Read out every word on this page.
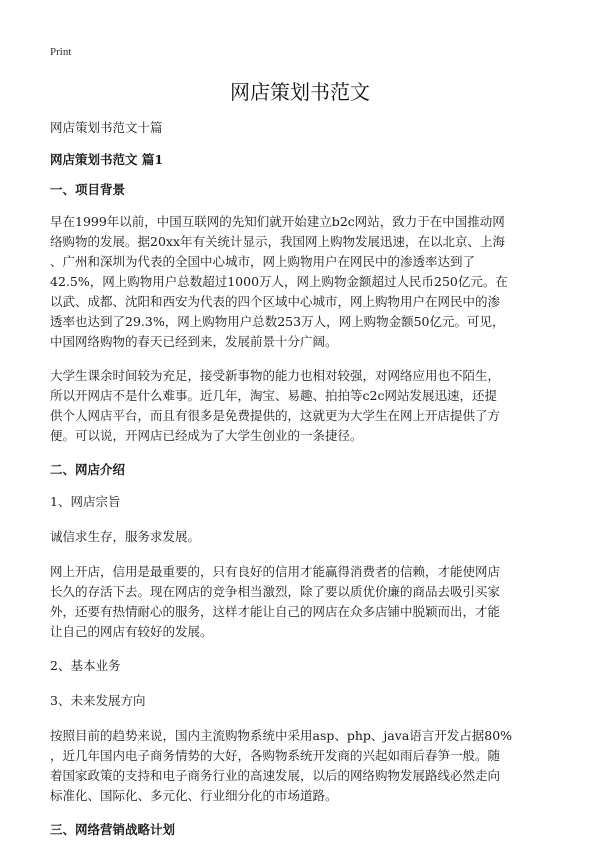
Print
网店策划书范文

网店策划书范文十篇

网店策划书范文 篇1

一、项目背景

早在1999年以前，中国互联网的先知们就开始建立b2c网站，致力于在中国推动网

络购物的发展。据20xx年有关统计显示，我国网上购物发展迅速，在以北京、上海

、广州和深圳为代表的全国中心城市，网上购物用户在网民中的渗透率达到了

42.5%，网上购物用户总数超过1000万人，网上购物金额超过人民币250亿元。在

以武、成都、沈阳和西安为代表的四个区域中心城市，网上购物用户在网民中的渗

透率也达到了29.3%，网上购物用户总数253万人，网上购物金额50亿元。可见，

中国网络购物的春天已经到来，发展前景十分广阔。

大学生课余时间较为充足，接受新事物的能力也相对较强，对网络应用也不陌生，

所以开网店不是什么难事。近几年，淘宝、易趣、拍拍等c2c网站发展迅速，还提

供个人网店平台，而且有很多是免费提供的，这就更为大学生在网上开店提供了方

便。可以说，开网店已经成为了大学生创业的一条捷径。

二、网店介绍

1、网店宗旨

诚信求生存，服务求发展。

网上开店，信用是最重要的，只有良好的信用才能赢得消费者的信赖，才能使网店

长久的存活下去。现在网店的竞争相当激烈，除了要以质优价廉的商品去吸引买家

外，还要有热情耐心的服务，这样才能让自己的网店在众多店铺中脱颖而出，才能

让自己的网店有较好的发展。

2、基本业务

3、未来发展方向

按照目前的趋势来说，国内主流购物系统中采用asp、php、java语言开发占据80%

，近几年国内电子商务情势的大好，各购物系统开发商的兴起如雨后春笋一般。随

着国家政策的支持和电子商务行业的高速发展，以后的网络购物发展路线必然走向

标准化、国际化、多元化、行业细分化的市场道路。

三、网络营销战略计划
